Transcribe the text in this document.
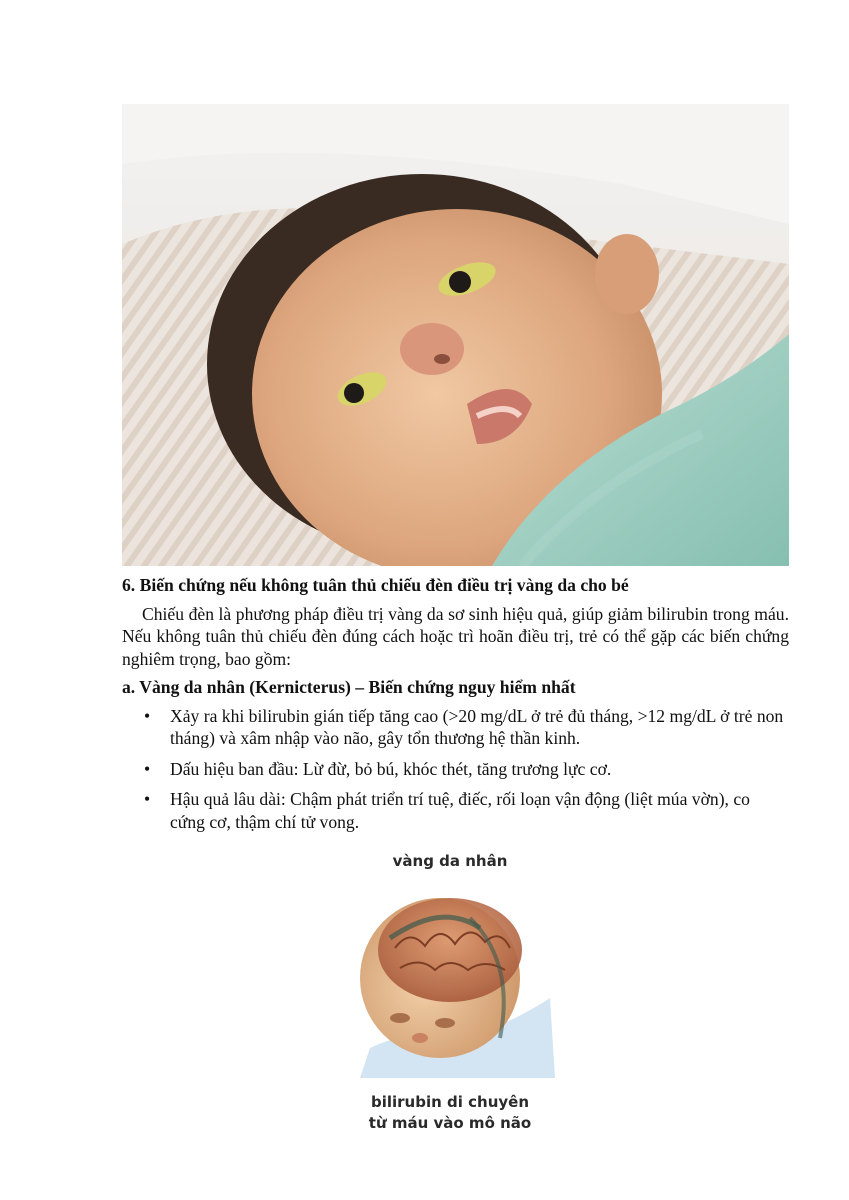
6. Biến chứng nếu không tuân thủ chiếu đèn điều trị vàng da cho bé

Chiếu đèn là phương pháp điều trị vàng da sơ sinh hiệu quả, giúp giảm bilirubin trong máu. Nếu không tuân thủ chiếu đèn đúng cách hoặc trì hoãn điều trị, trẻ có thể gặp các biến chứng nghiêm trọng, bao gồm:

a. Vàng da nhân (Kernicterus) – Biến chứng nguy hiểm nhất
• Xảy ra khi bilirubin gián tiếp tăng cao (>20 mg/dL ở trẻ đủ tháng, >12 mg/dL ở trẻ non tháng) và xâm nhập vào não, gây tổn thương hệ thần kinh.
• Dấu hiệu ban đầu: Lừ đừ, bỏ bú, khóc thét, tăng trương lực cơ.
• Hậu quả lâu dài: Chậm phát triển trí tuệ, điếc, rối loạn vận động (liệt múa vờn), co cứng cơ, thậm chí tử vong.
vàng da nhân
bilirubin di chuyên
từ máu vào mô não
